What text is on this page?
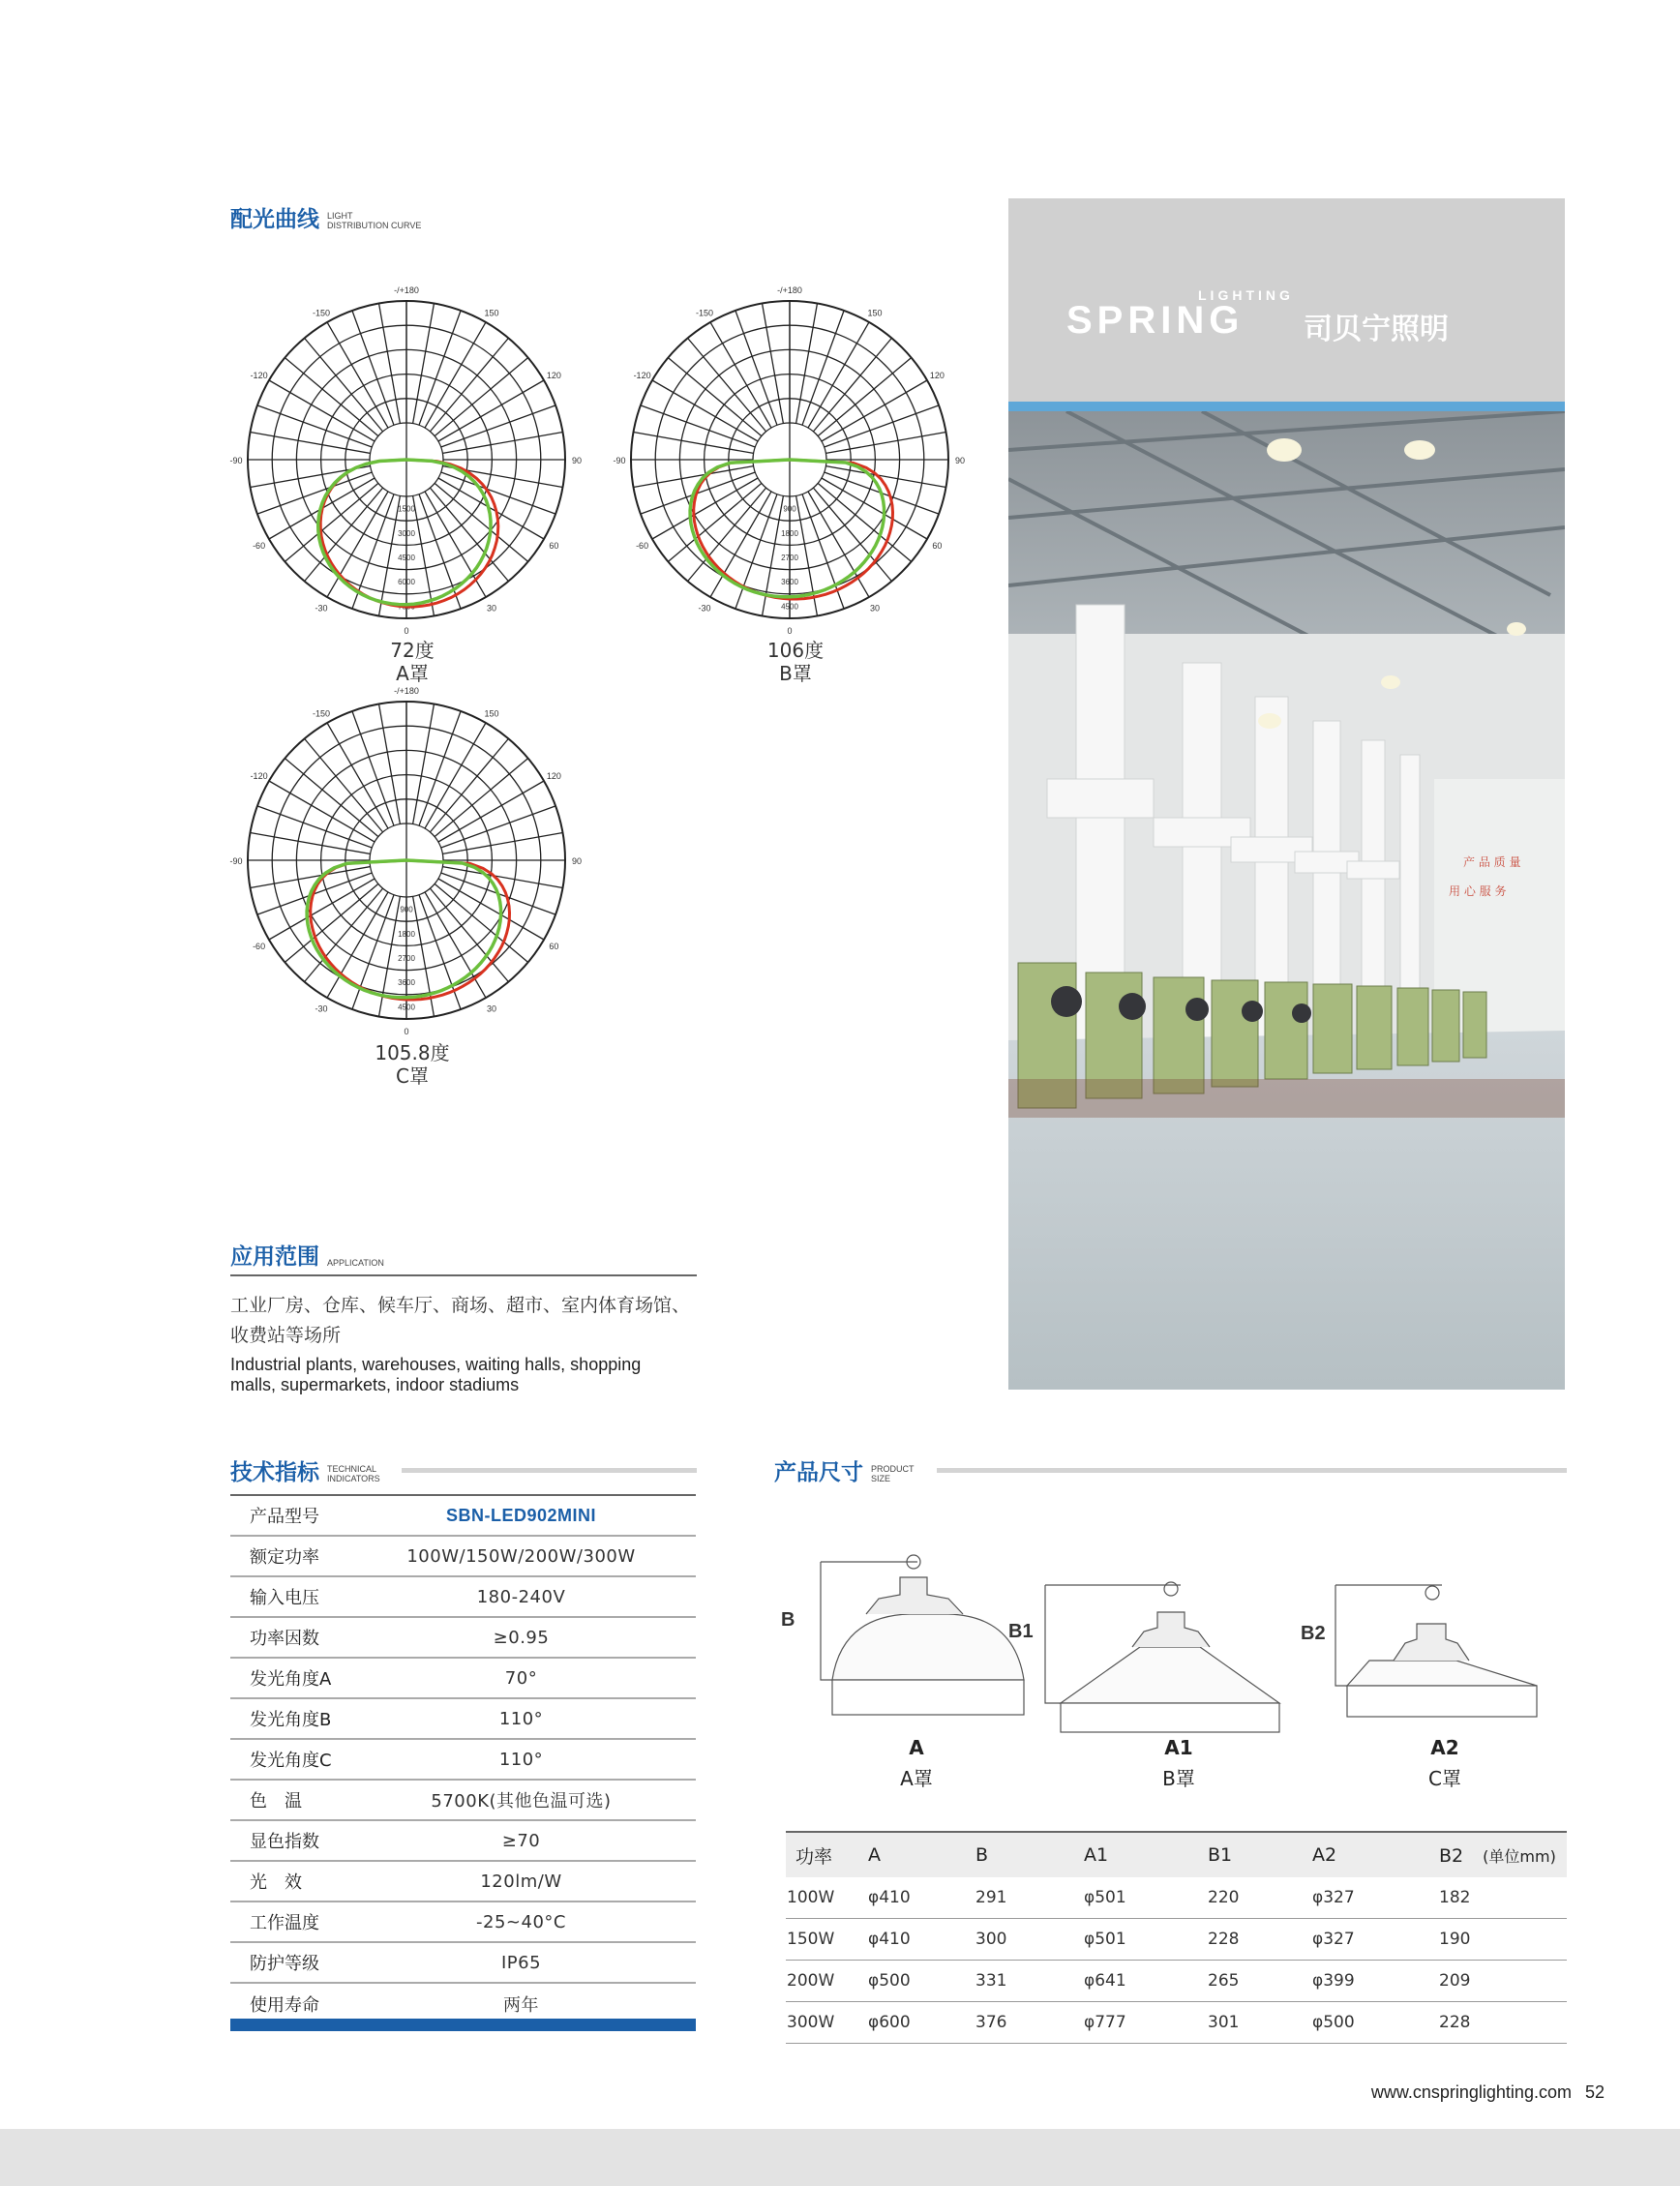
配光曲线 LIGHT
DISTRIBUTION CURVE
-/+180
0
-150	150
-120	120
-90	90
-60	60
-30	30
1500
3000
4500
6000
7500
-/+180
0
-150	150
-120	120
-90	90
-60	60
-30	30
900
1800
2700
3600
4500
-/+180
0
-150	150
-120	120
-90	90
-60	60
-30	30
900
1800
2700
3600
4500
72度
A罩
106度
B罩
105.8度
C罩
LIGHTING
SPRING 司贝宁照明
产 品 质 量
用 心 服 务
应用范围 APPLICATION
工业厂房、仓库、候车厅、商场、超市、室内体育场馆、
收费站等场所
Industrial plants, warehouses, waiting halls, shopping
malls, supermarkets, indoor stadiums
技术指标 TECHNICAL
INDICATORS
产品型号	SBN-LED902MINI
额定功率	100W/150W/200W/300W
输入电压	180-240V
功率因数	≥0.95
发光角度A	70°
发光角度B	110°
发光角度C	110°
色　温	5700K(其他色温可选)
显色指数	≥70
光　效	120lm/W
工作温度	-25~40°C
防护等级	IP65
使用寿命	两年
产品尺寸 PRODUCT
SIZE
B
B1	B2
A
A罩
A1
B罩
A2
C罩
功率	A	B	A1	B1	A2	B2 (单位mm)
100W	φ410	291	φ501	220	φ327	182
150W	φ410	300	φ501	228	φ327	190
200W	φ500	331	φ641	265	φ399	209
300W	φ600	376	φ777	301	φ500	228
www.cnspringlighting.com 52
